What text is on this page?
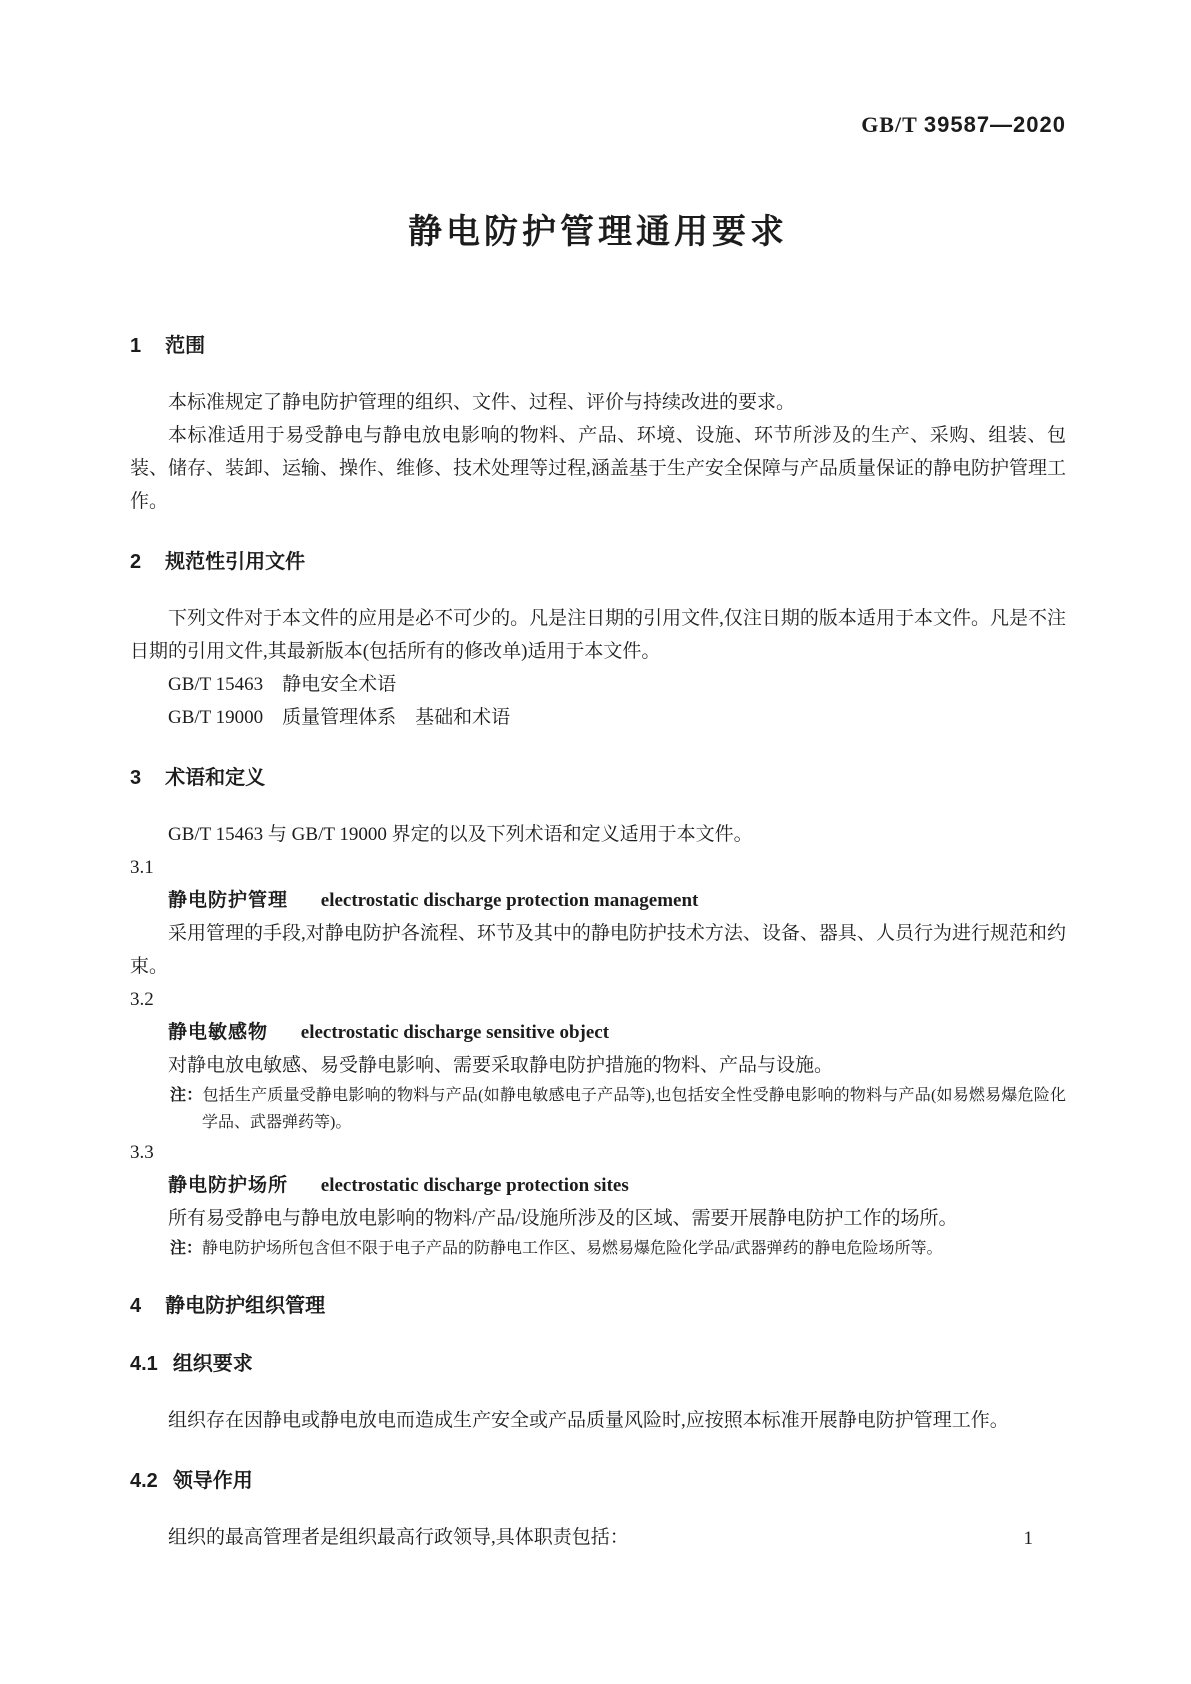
GB/T 39587—2020
静电防护管理通用要求
1 范围

本标准规定了静电防护管理的组织、文件、过程、评价与持续改进的要求。

本标准适用于易受静电与静电放电影响的物料、产品、环境、设施、环节所涉及的生产、采购、组装、包装、储存、装卸、运输、操作、维修、技术处理等过程,涵盖基于生产安全保障与产品质量保证的静电防护管理工作。

2 规范性引用文件

下列文件对于本文件的应用是必不可少的。凡是注日期的引用文件,仅注日期的版本适用于本文件。凡是不注日期的引用文件,其最新版本(包括所有的修改单)适用于本文件。

GB/T 15463　静电安全术语

GB/T 19000　质量管理体系　基础和术语

3 术语和定义

GB/T 15463 与 GB/T 19000 界定的以及下列术语和定义适用于本文件。

3.1
静电防护管理 electrostatic discharge protection management

采用管理的手段,对静电防护各流程、环节及其中的静电防护技术方法、设备、器具、人员行为进行规范和约束。

3.2
静电敏感物 electrostatic discharge sensitive object

对静电放电敏感、易受静电影响、需要采取静电防护措施的物料、产品与设施。

注：包括生产质量受静电影响的物料与产品(如静电敏感电子产品等),也包括安全性受静电影响的物料与产品(如易燃易爆危险化学品、武器弹药等)。
3.3
静电防护场所 electrostatic discharge protection sites

所有易受静电与静电放电影响的物料/产品/设施所涉及的区域、需要开展静电防护工作的场所。

注：静电防护场所包含但不限于电子产品的防静电工作区、易燃易爆危险化学品/武器弹药的静电危险场所等。
4 静电防护组织管理
4.1 组织要求

组织存在因静电或静电放电而造成生产安全或产品质量风险时,应按照本标准开展静电防护管理工作。

4.2 领导作用

组织的最高管理者是组织最高行政领导,具体职责包括：	1
